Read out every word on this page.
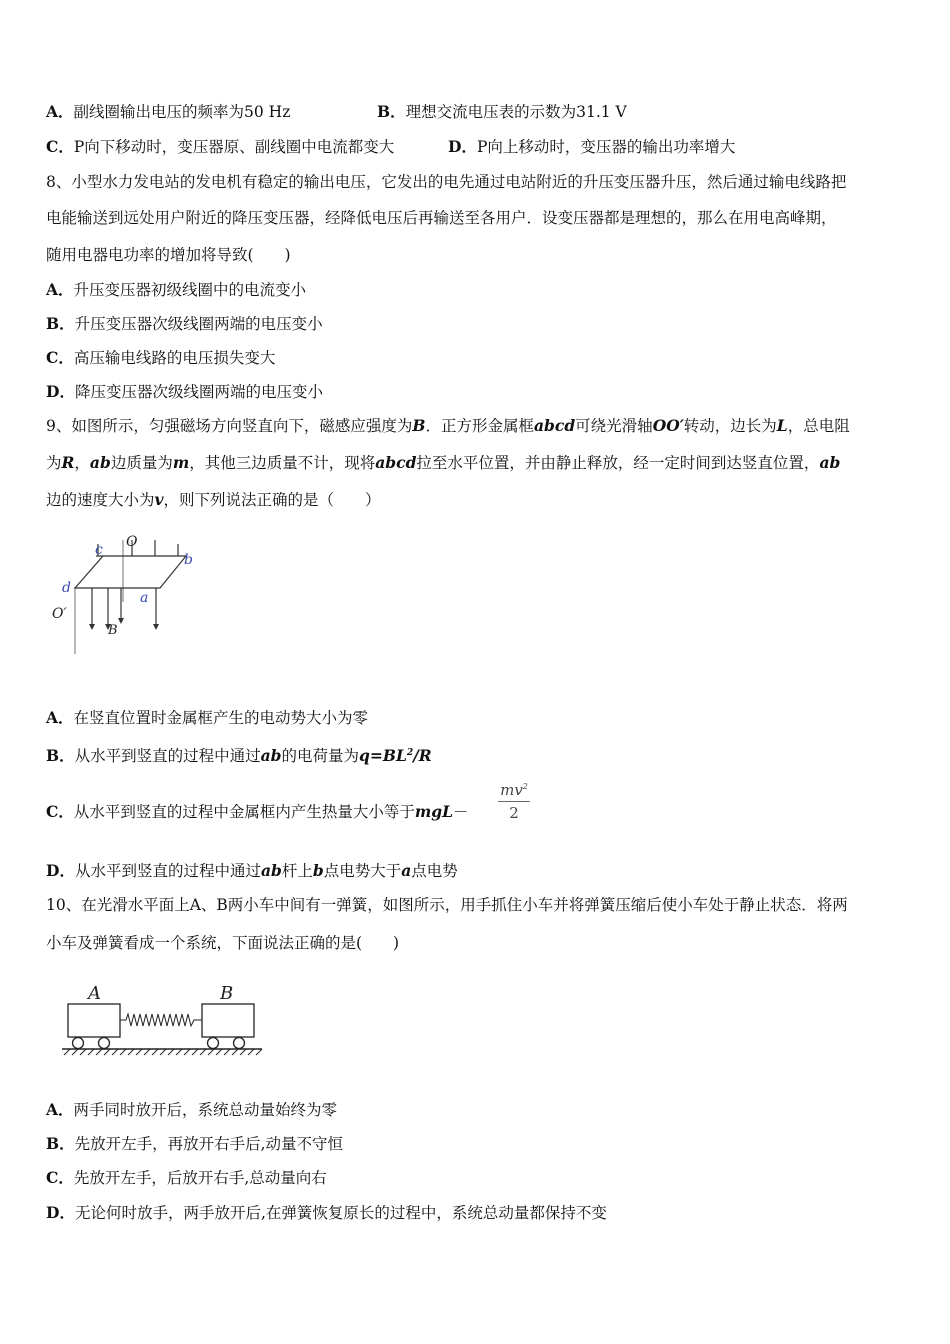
A．副线圈输出电压的频率为50 Hz	B．理想交流电压表的示数为31.1 V
C．P向下移动时，变压器原、副线圈中电流都变大	D．P向上移动时，变压器的输出功率增大
8、小型水力发电站的发电机有稳定的输出电压，它发出的电先通过电站附近的升压变压器升压，然后通过输电线路把
电能输送到远处用户附近的降压变压器，经降低电压后再输送至各用户．设变压器都是理想的，那么在用电高峰期，
随用电器电功率的增加将导致(　　)
A．升压变压器初级线圈中的电流变小
B．升压变压器次级线圈两端的电压变小
C．高压输电线路的电压损失变大
D．降压变压器次级线圈两端的电压变小
9、如图所示，匀强磁场方向竖直向下，磁感应强度为B．正方形金属框abcd可绕光滑轴OO′转动，边长为L，总电阻
为R，ab边质量为m，其他三边质量不计，现将abcd拉至水平位置，并由静止释放，经一定时间到达竖直位置，ab
边的速度大小为v，则下列说法正确的是（　　）
c O
b
d
a
O′
B
A．在竖直位置时金属框产生的电动势大小为零
B．从水平到竖直的过程中通过ab的电荷量为$q=BL^2/R$
C．从水平到竖直的过程中金属框内产生热量大小等于mgL－
$mv^2$
2
D．从水平到竖直的过程中通过ab杆上b点电势大于a点电势
10、在光滑水平面上A、B两小车中间有一弹簧，如图所示，用手抓住小车并将弹簧压缩后使小车处于静止状态．将两
小车及弹簧看成一个系统，下面说法正确的是(　　)
A	B
A．两手同时放开后，系统总动量始终为零
B．先放开左手，再放开右手后,动量不守恒
C．先放开左手，后放开右手,总动量向右
D．无论何时放手，两手放开后,在弹簧恢复原长的过程中，系统总动量都保持不变
